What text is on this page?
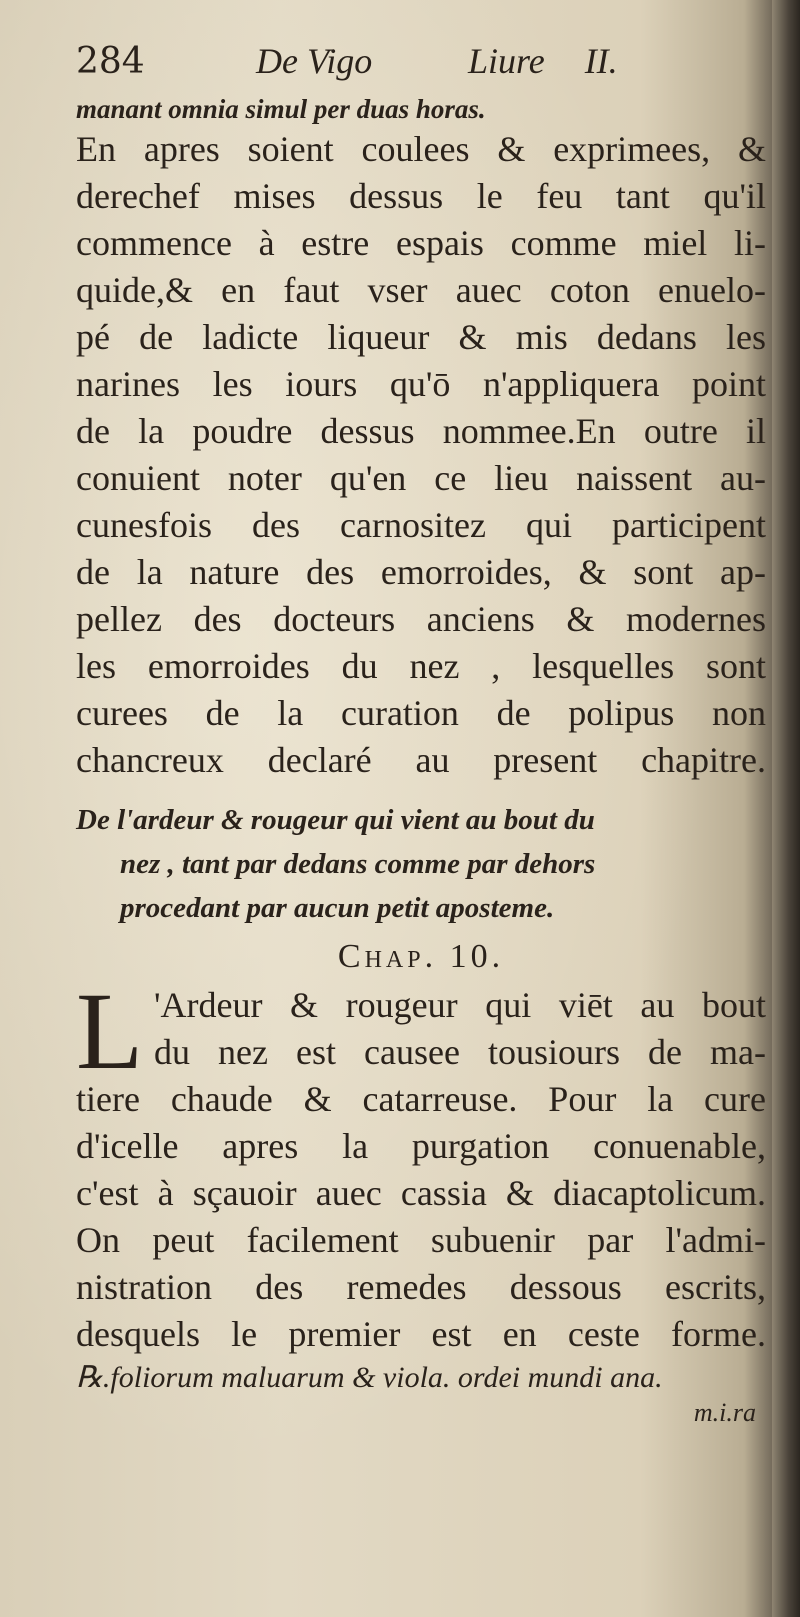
284	De Vigo	Liure II.
manant omnia simul per duas horas.
En apres soient coulees & exprimees, &
derechef mises dessus le feu tant qu'il
commence à estre espais comme miel li-
quide,& en faut vser auec coton enuelo-
pé de ladicte liqueur & mis dedans les
narines les iours qu'ō n'appliquera point
de la poudre dessus nommee.En outre il
conuient noter qu'en ce lieu naissent au-
cunesfois des carnositez qui participent
de la nature des emorroides, & sont ap-
pellez des docteurs anciens & modernes
les emorroides du nez , lesquelles sont
curees de la curation de polipus non
chancreux declaré au present chapitre.
De l'ardeur & rougeur qui vient au bout du
nez , tant par dedans comme par dehors
procedant par aucun petit aposteme.
Chap. 10.
L 'Ardeur & rougeur qui viēt au bout
du nez est causee tousiours de ma-
tiere chaude & catarreuse. Pour la cure
d'icelle apres la purgation conuenable,
c'est à sçauoir auec cassia & diacaptolicum.
On peut facilement subuenir par l'admi-
nistration des remedes dessous escrits,
desquels le premier est en ceste forme.
℞.foliorum maluarum & viola. ordei mundi ana.
m.i.ra
